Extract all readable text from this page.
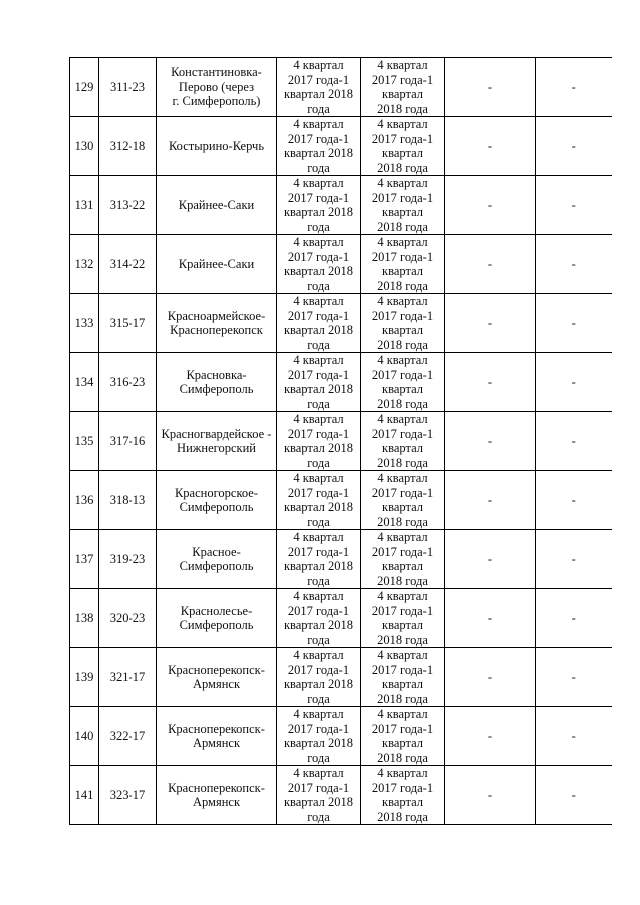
129	311-23	Константиновка-
Перово (через
г. Симферополь)	4 квартал
2017 года-1
квартал 2018
года	4 квартал
2017 года-1
квартал
2018 года	-	-
130	312-18	Костырино-Керчь	4 квартал
2017 года-1
квартал 2018
года	4 квартал
2017 года-1
квартал
2018 года	-	-
131	313-22	Крайнее-Саки	4 квартал
2017 года-1
квартал 2018
года	4 квартал
2017 года-1
квартал
2018 года	-	-
132	314-22	Крайнее-Саки	4 квартал
2017 года-1
квартал 2018
года	4 квартал
2017 года-1
квартал
2018 года	-	-
133	315-17	Красноармейское-
Красноперекопск	4 квартал
2017 года-1
квартал 2018
года	4 квартал
2017 года-1
квартал
2018 года	-	-
134	316-23	Красновка-
Симферополь	4 квартал
2017 года-1
квартал 2018
года	4 квартал
2017 года-1
квартал
2018 года	-	-
135	317-16	Красногвардейское -
Нижнегорский	4 квартал
2017 года-1
квартал 2018
года	4 квартал
2017 года-1
квартал
2018 года	-	-
136	318-13	Красногорское-
Симферополь	4 квартал
2017 года-1
квартал 2018
года	4 квартал
2017 года-1
квартал
2018 года	-	-
137	319-23	Красное-
Симферополь	4 квартал
2017 года-1
квартал 2018
года	4 квартал
2017 года-1
квартал
2018 года	-	-
138	320-23	Краснолесье-
Симферополь	4 квартал
2017 года-1
квартал 2018
года	4 квартал
2017 года-1
квартал
2018 года	-	-
139	321-17	Красноперекопск-
Армянск	4 квартал
2017 года-1
квартал 2018
года	4 квартал
2017 года-1
квартал
2018 года	-	-
140	322-17	Красноперекопск-
Армянск	4 квартал
2017 года-1
квартал 2018
года	4 квартал
2017 года-1
квартал
2018 года	-	-
141	323-17	Красноперекопск-
Армянск	4 квартал
2017 года-1
квартал 2018
года	4 квартал
2017 года-1
квартал
2018 года	-	-
